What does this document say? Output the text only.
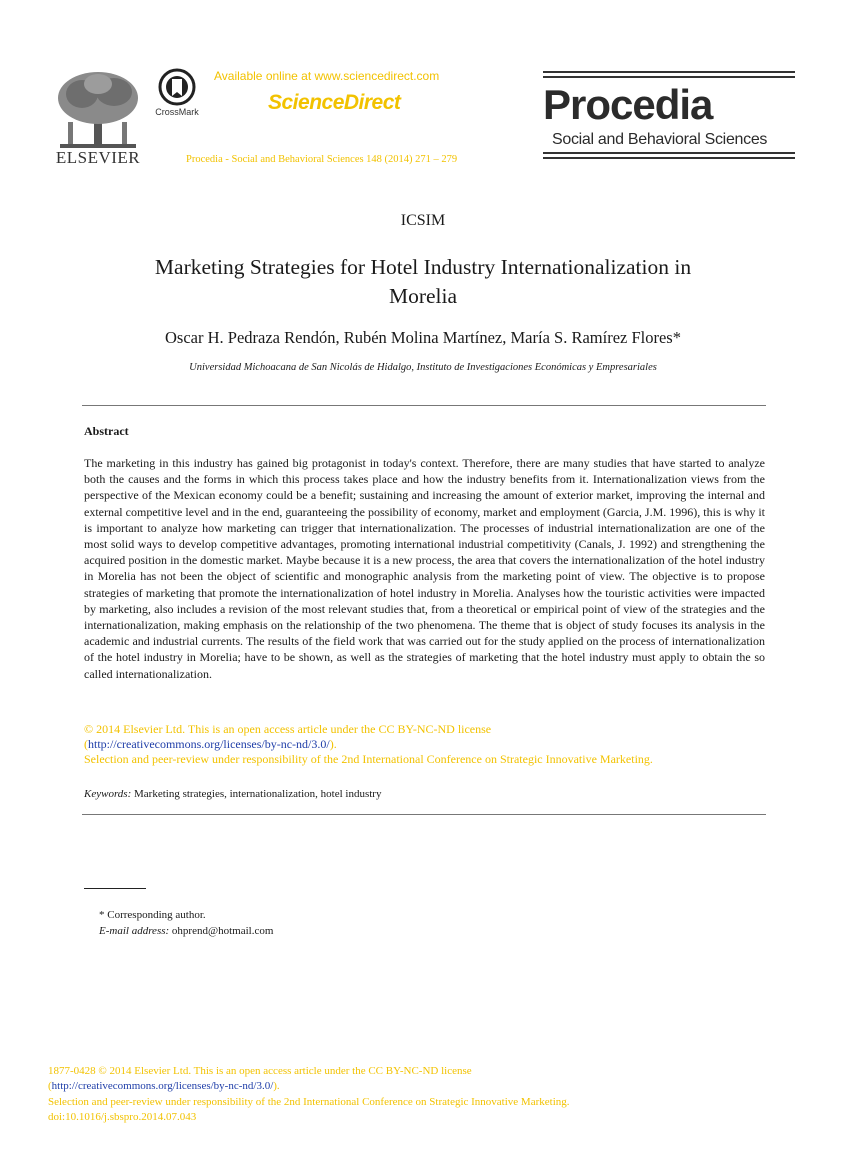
ELSEVIER
CrossMark
Available online at www.sciencedirect.com
ScienceDirect
Procedia - Social and Behavioral Sciences 148 (2014) 271 – 279
Procedia
Social and Behavioral Sciences
ICSIM
Marketing Strategies for Hotel Industry Internationalization in
Morelia
Oscar H. Pedraza Rendón, Rubén Molina Martínez, María S. Ramírez Flores*
Universidad Michoacana de San Nicolás de Hidalgo, Instituto de Investigaciones Económicas y Empresariales
Abstract
The marketing in this industry has gained big protagonist in today's context. Therefore, there are many studies that have started to analyze both the causes and the forms in which this process takes place and how the industry benefits from it. Internationalization views from the perspective of the Mexican economy could be a benefit; sustaining and increasing the amount of exterior market, improving the internal and external competitive level and in the end, guaranteeing the possibility of economy, market and employment (Garcia, J.M. 1996), this is why it is important to analyze how marketing can trigger that internationalization. The processes of industrial internationalization are one of the most solid ways to develop competitive advantages, promoting international industrial competitivity (Canals, J. 1992) and strengthening the acquired position in the domestic market. Maybe because it is a new process, the area that covers the internationalization of the hotel industry in Morelia has not been the object of scientific and monographic analysis from the marketing point of view. The objective is to propose strategies of marketing that promote the internationalization of hotel industry in Morelia. Analyses how the touristic activities were impacted by marketing, also includes a revision of the most relevant studies that, from a theoretical or empirical point of view of the strategies and the internationalization, making emphasis on the relationship of the two phenomena. The theme that is object of study focuses its analysis in the academic and industrial currents. The results of the field work that was carried out for the study applied on the process of internationalization of the hotel industry in Morelia; have to be shown, as well as the strategies of marketing that the hotel industry must apply to obtain the so called internationalization.
© 2014 Elsevier Ltd. This is an open access article under the CC BY-NC-ND license
(http://creativecommons.org/licenses/by-nc-nd/3.0/).
Selection and peer-review under responsibility of the 2nd International Conference on Strategic Innovative Marketing.
Keywords: Marketing strategies, internationalization, hotel industry
* Corresponding author.
E-mail address: ohprend@hotmail.com
1877-0428 © 2014 Elsevier Ltd. This is an open access article under the CC BY-NC-ND license
(http://creativecommons.org/licenses/by-nc-nd/3.0/).
Selection and peer-review under responsibility of the 2nd International Conference on Strategic Innovative Marketing.
doi:10.1016/j.sbspro.2014.07.043
